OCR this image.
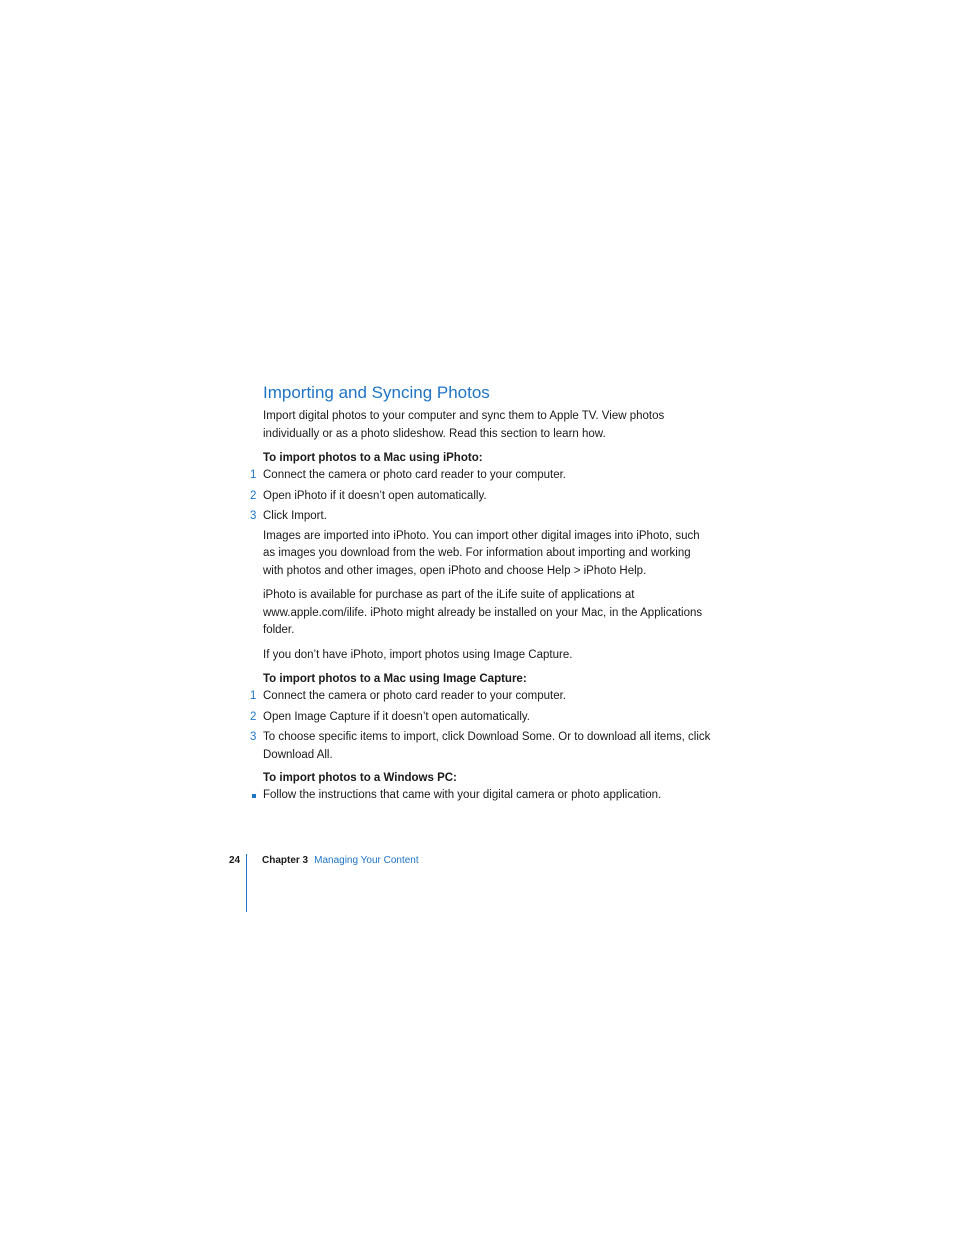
Importing and Syncing Photos

Import digital photos to your computer and sync them to Apple TV. View photos individually or as a photo slideshow. Read this section to learn how.

To import photos to a Mac using iPhoto:

1 Connect the camera or photo card reader to your computer.
2 Open iPhoto if it doesn’t open automatically.
3 Click Import.

Images are imported into iPhoto. You can import other digital images into iPhoto, such as images you download from the web. For information about importing and working with photos and other images, open iPhoto and choose Help > iPhoto Help.

iPhoto is available for purchase as part of the iLife suite of applications at www.apple.com/ilife. iPhoto might already be installed on your Mac, in the Applications folder.

If you don’t have iPhoto, import photos using Image Capture.

To import photos to a Mac using Image Capture:

1 Connect the camera or photo card reader to your computer.
2 Open Image Capture if it doesn’t open automatically.
3 To choose specific items to import, click Download Some. Or to download all items, click Download All.

To import photos to a Windows PC:

Follow the instructions that came with your digital camera or photo application.
24 Chapter 3 Managing Your Content
